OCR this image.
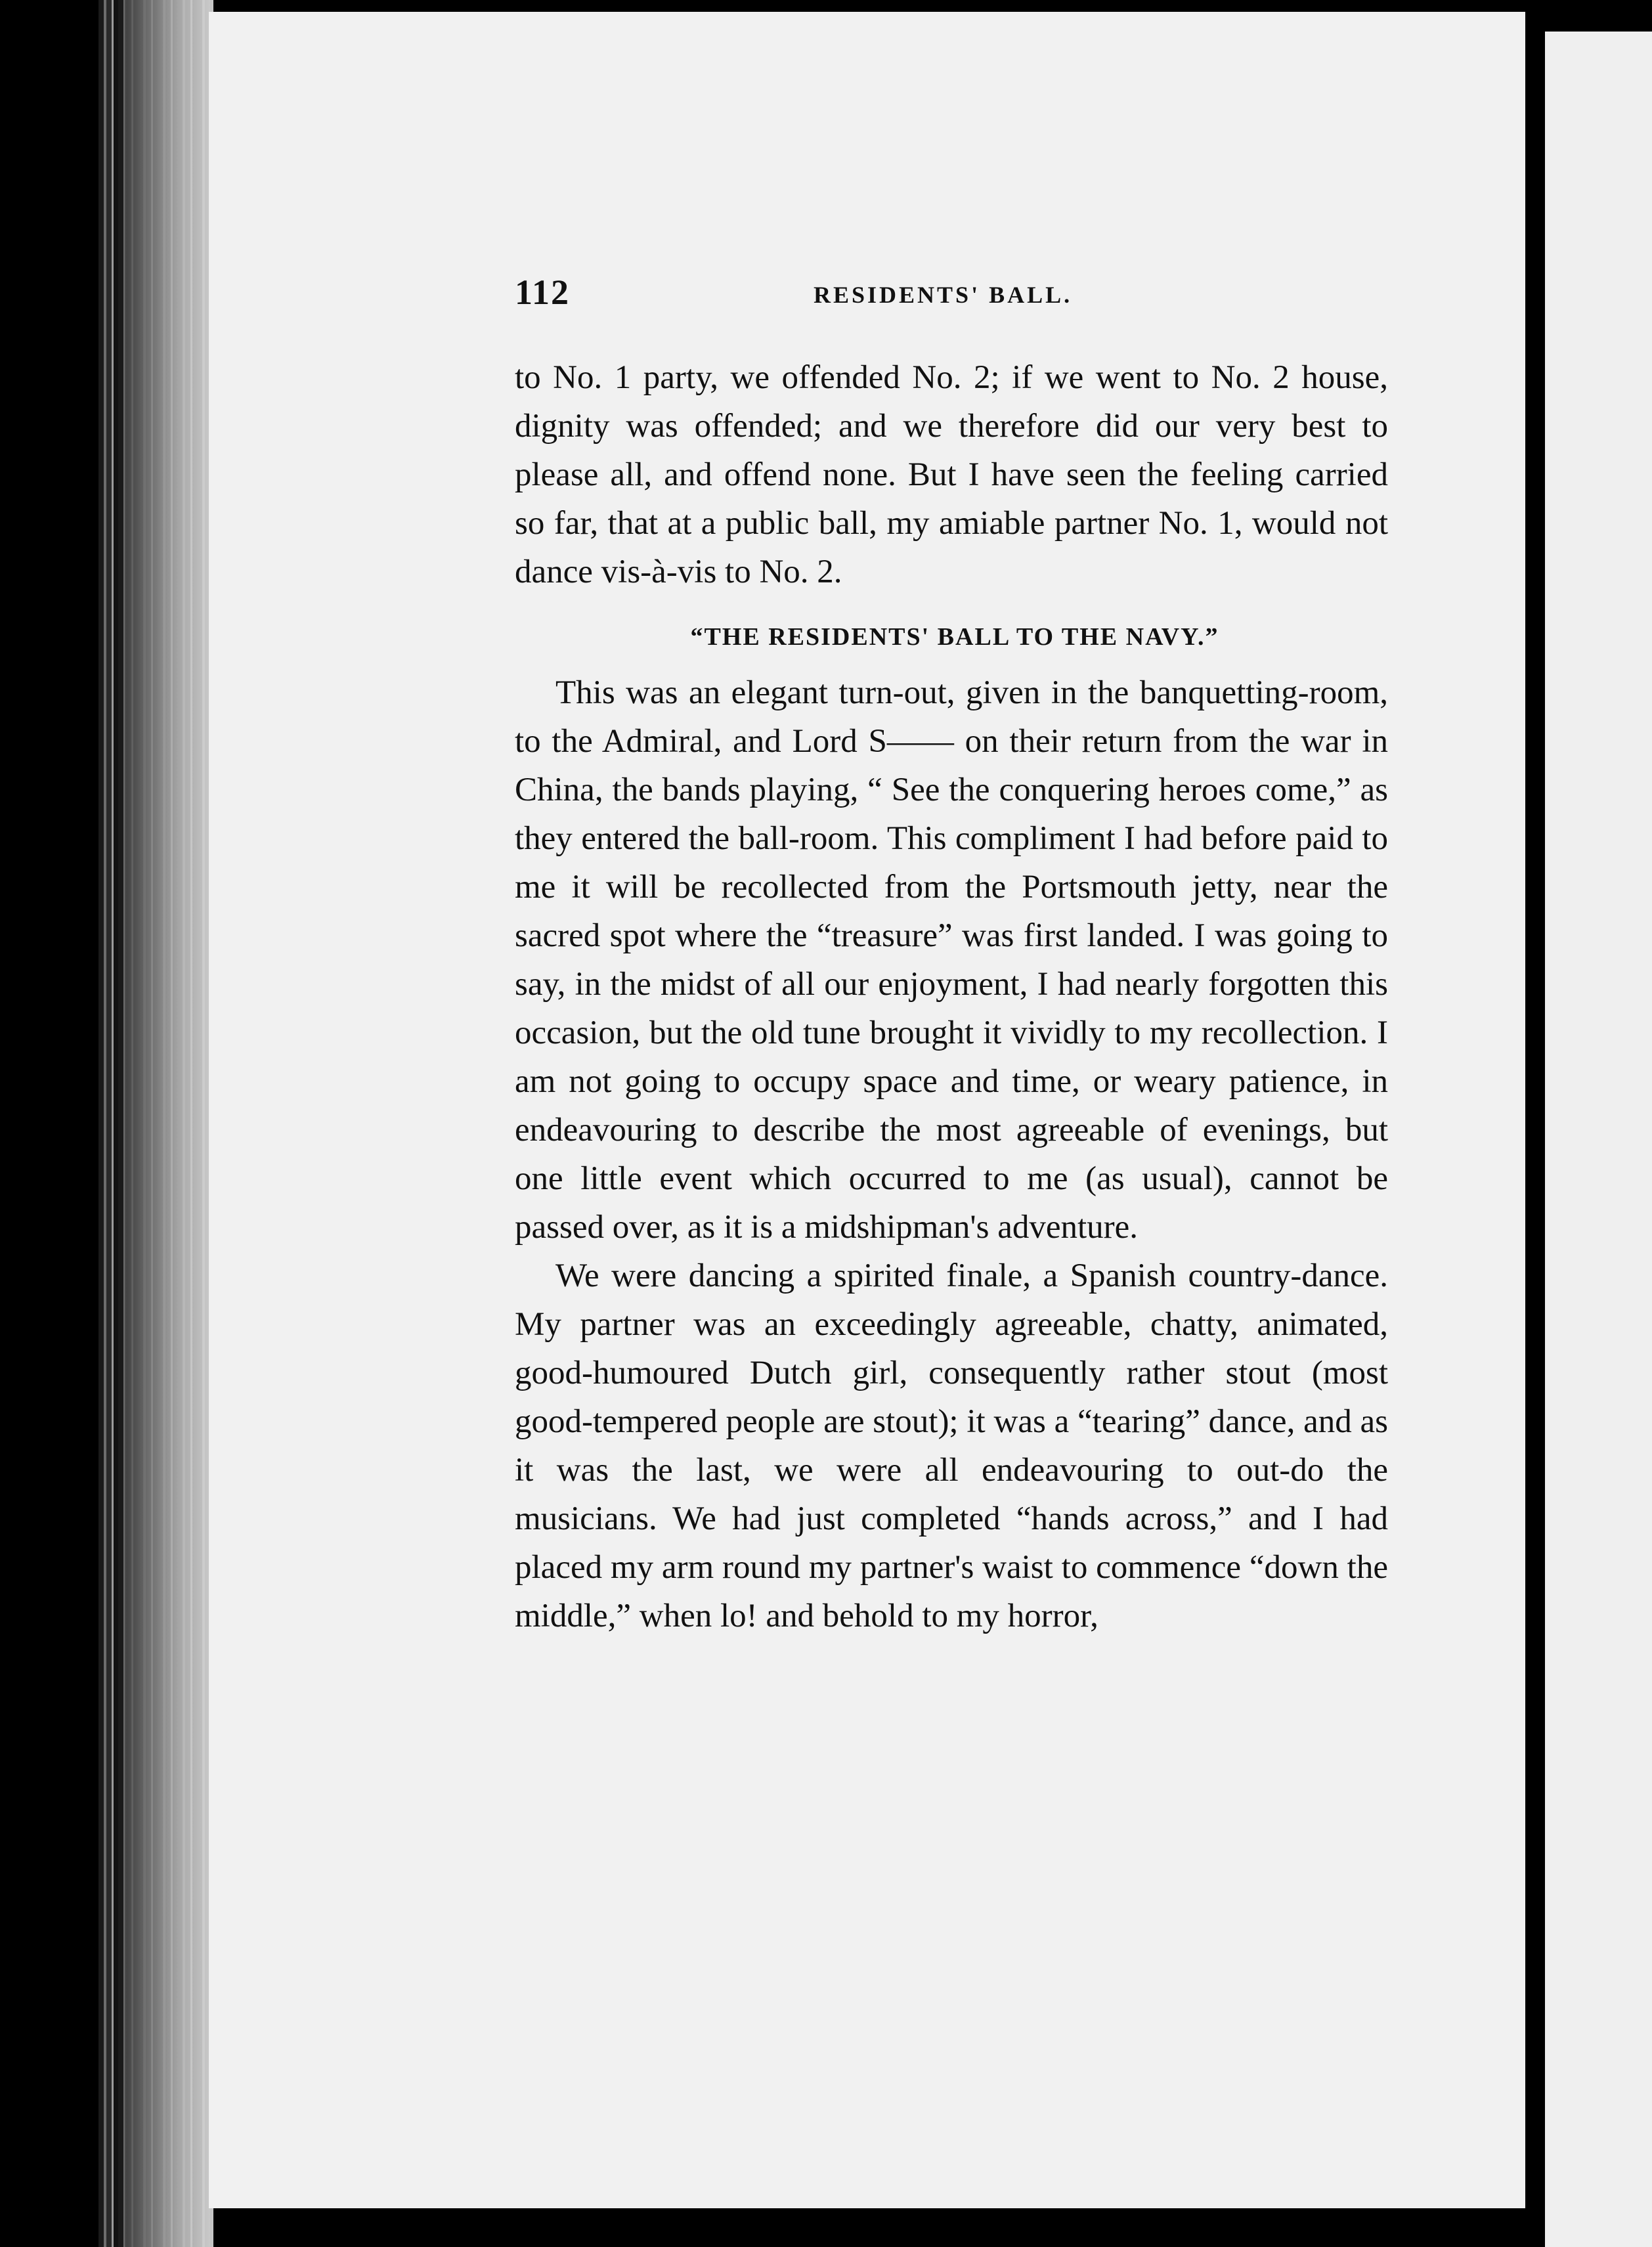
112	RESIDENTS' BALL.

to No. 1 party, we offended No. 2; if we went to No. 2 house, dignity was offended; and we therefore did our very best to please all, and offend none. But I have seen the feeling carried so far, that at a public ball, my amiable partner No. 1, would not dance vis-à-vis to No. 2.

“THE RESIDENTS' BALL TO THE NAVY.”

This was an elegant turn-out, given in the banquetting-room, to the Admiral, and Lord S—— on their return from the war in China, the bands playing, “ See the conquering heroes come,” as they entered the ball-room. This compliment I had before paid to me it will be recollected from the Portsmouth jetty, near the sacred spot where the “treasure” was first landed. I was going to say, in the midst of all our enjoyment, I had nearly forgotten this occasion, but the old tune brought it vividly to my recollection. I am not going to occupy space and time, or weary patience, in endeavouring to describe the most agreeable of evenings, but one little event which occurred to me (as usual), cannot be passed over, as it is a midshipman's adventure.

We were dancing a spirited finale, a Spanish country-dance. My partner was an exceedingly agreeable, chatty, animated, good-humoured Dutch girl, consequently rather stout (most good-tempered people are stout); it was a “tearing” dance, and as it was the last, we were all endeavouring to out-do the musicians. We had just completed “hands across,” and I had placed my arm round my partner's waist to commence “down the middle,” when lo! and behold to my horror,
